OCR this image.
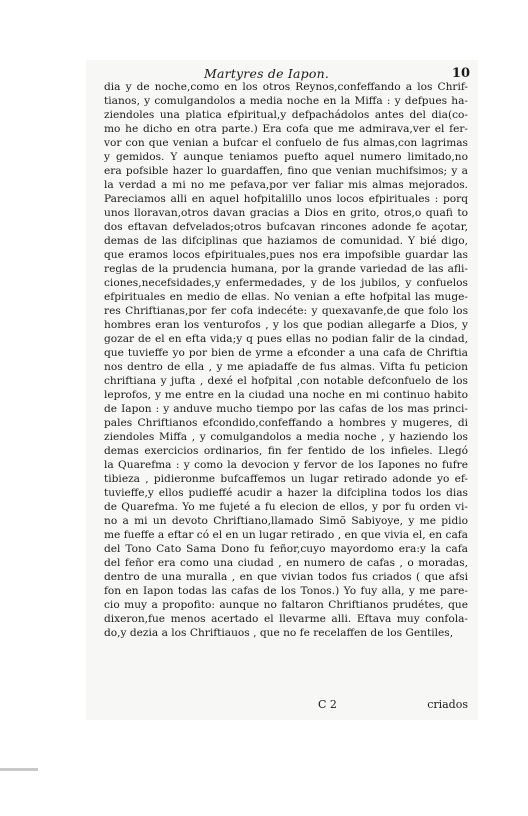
Martyres de Iapon.	10
dia y de noche,como en los otros Reynos,confeffando a los Chrif-
tianos, y comulgandolos a media noche en la Miffa : y defpues ha-
ziendoles una platica efpiritual,y defpachádolos antes del dia(co-
mo he dicho en otra parte.) Era cofa que me admirava,ver el fer-
vor con que venian a bufcar el confuelo de fus almas,con lagrimas
y gemidos. Y aunque teniamos puefto aquel numero limitado,no
era pofsible hazer lo guardaffen, fino que venian muchifsimos; y a
la verdad a mi no me pefava,por ver faliar mis almas mejorados.
Pareciamos alli en aquel hofpitalillo unos locos efpirituales : porq
unos lloravan,otros davan gracias a Dios en grito, otros,o quafi to
dos eftavan defvelados;otros bufcavan rincones adonde fe açotar,
demas de las difciplinas que haziamos de comunidad. Y bié digo,
que eramos locos efpirituales,pues nos era impofsible guardar las
reglas de la prudencia humana, por la grande variedad de las afli-
ciones,necefsidades,y enfermedades, y de los jubilos, y confuelos
efpirituales en medio de ellas. No venian a efte hofpital las muge-
res Chriftianas,por fer cofa indecéte: y quexavanfe,de que folo los
hombres eran los venturofos , y los que podian allegarfe a Dios, y
gozar de el en efta vida;y q pues ellas no podian falir de la cindad,
que tuvieffe yo por bien de yrme a efconder a una cafa de Chriftia
nos dentro de ella , y me apiadaffe de fus almas. Vifta fu peticion
chriftiana y jufta , dexé el hofpital ,con notable defconfuelo de los
leprofos, y me entre en la ciudad una noche en mi continuo habito
de Iapon : y anduve mucho tiempo por las cafas de los mas princi-
pales Chriftianos efcondido,confeffando a hombres y mugeres, di
ziendoles Miffa , y comulgandolos a media noche , y haziendo los
demas exercicios ordinarios, fin fer fentido de los infieles. Llegó
la Quarefma : y como la devocion y fervor de los Iapones no fufre
tibieza , pidieronme bufcaffemos un lugar retirado adonde yo ef-
tuvieffe,y ellos pudieffé acudir a hazer la difciplina todos los dias
de Quarefma. Yo me fujeté a fu elecion de ellos, y por fu orden vi-
no a mi un devoto Chriftiano,llamado Simõ Sabiyoye, y me pidio
me fueffe a eftar có el en un lugar retirado , en que vivia el, en cafa
del Tono Cato Sama Dono fu feñor,cuyo mayordomo era:y la cafa
del feñor era como una ciudad , en numero de cafas , o moradas,
dentro de una muralla , en que vivian todos fus criados ( que afsi
fon en Iapon todas las cafas de los Tonos.) Yo fuy alla, y me pare-
cio muy a propofito: aunque no faltaron Chriftianos prudétes, que
dixeron,fue menos acertado el llevarme alli. Eftava muy confola-
do,y dezia a los Chriftiauos , que no fe recelaffen de los Gentiles,
C 2	criados
